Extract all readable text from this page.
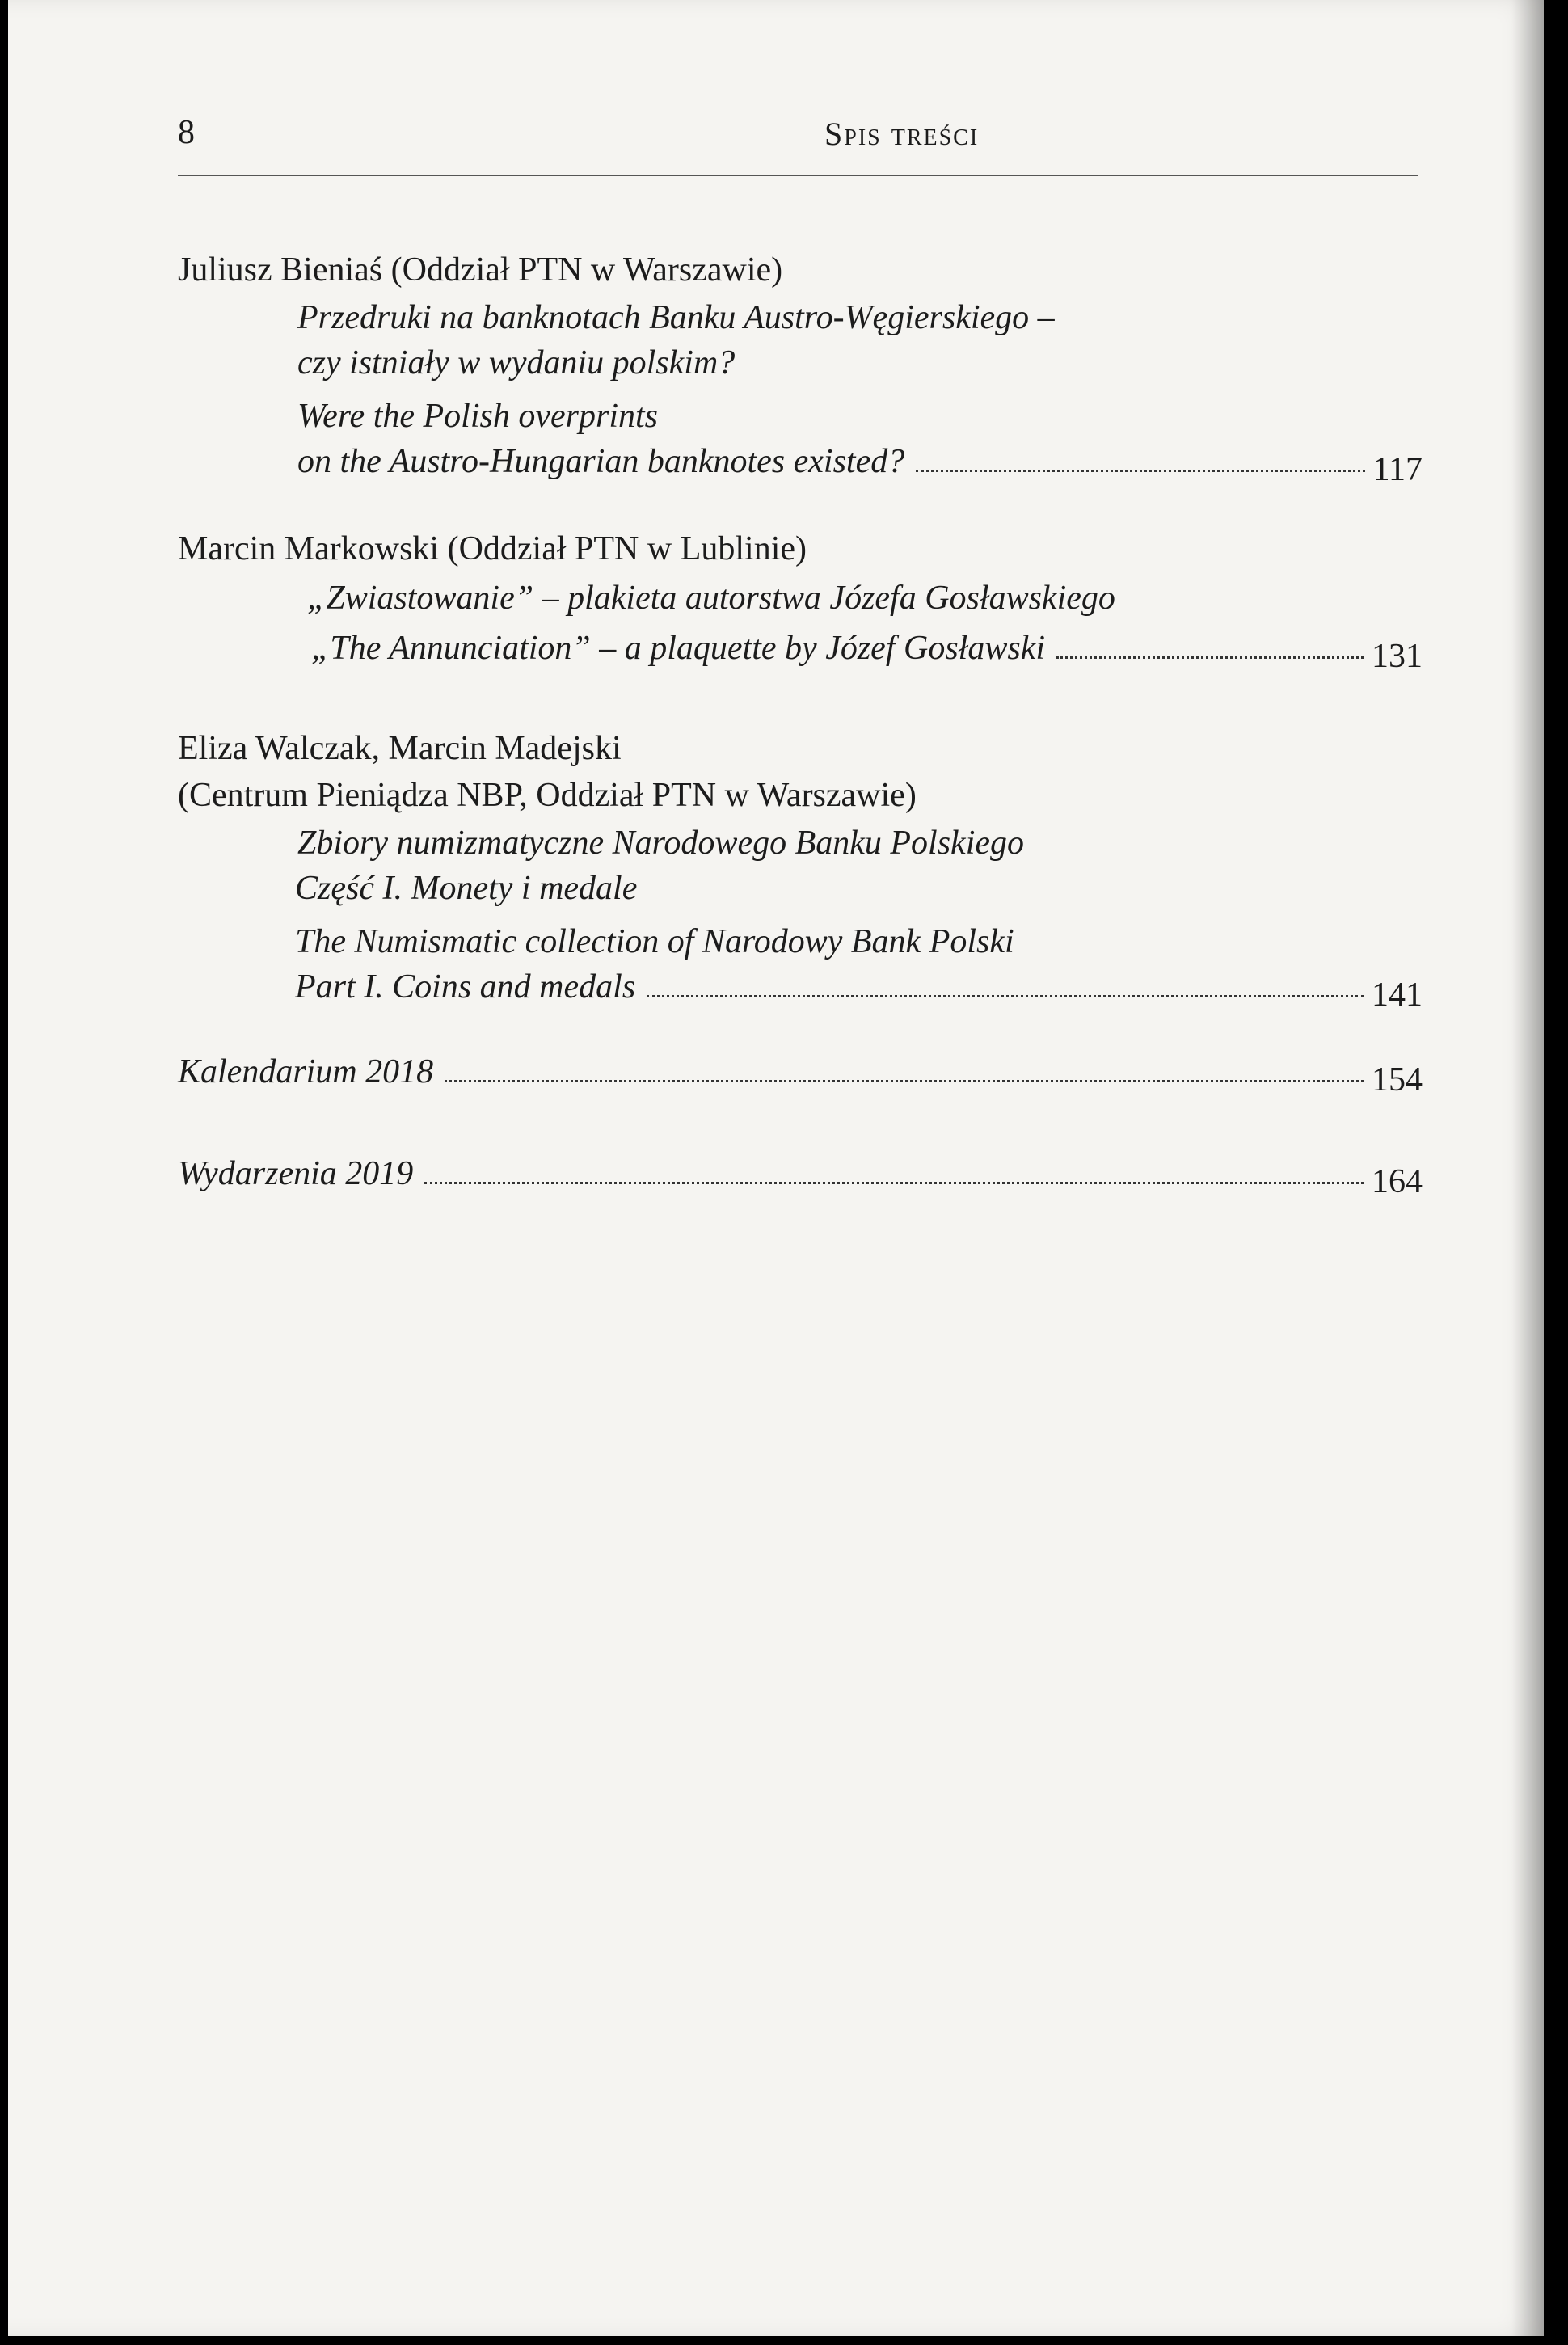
8	Spis treści
Juliusz Bieniaś (Oddział PTN w Warszawie)
Przedruki na banknotach Banku Austro-Węgierskiego –
czy istniały w wydaniu polskim?
Were the Polish overprints
on the Austro-Hungarian banknotes existed?	117
Marcin Markowski (Oddział PTN w Lublinie)
„Zwiastowanie” – plakieta autorstwa Józefa Gosławskiego
„The Annunciation” – a plaquette by Józef Gosławski	131
Eliza Walczak, Marcin Madejski
(Centrum Pieniądza NBP, Oddział PTN w Warszawie)
Zbiory numizmatyczne Narodowego Banku Polskiego
Część I. Monety i medale
The Numismatic collection of Narodowy Bank Polski
Part I. Coins and medals	141
Kalendarium 2018	154
Wydarzenia 2019	164
